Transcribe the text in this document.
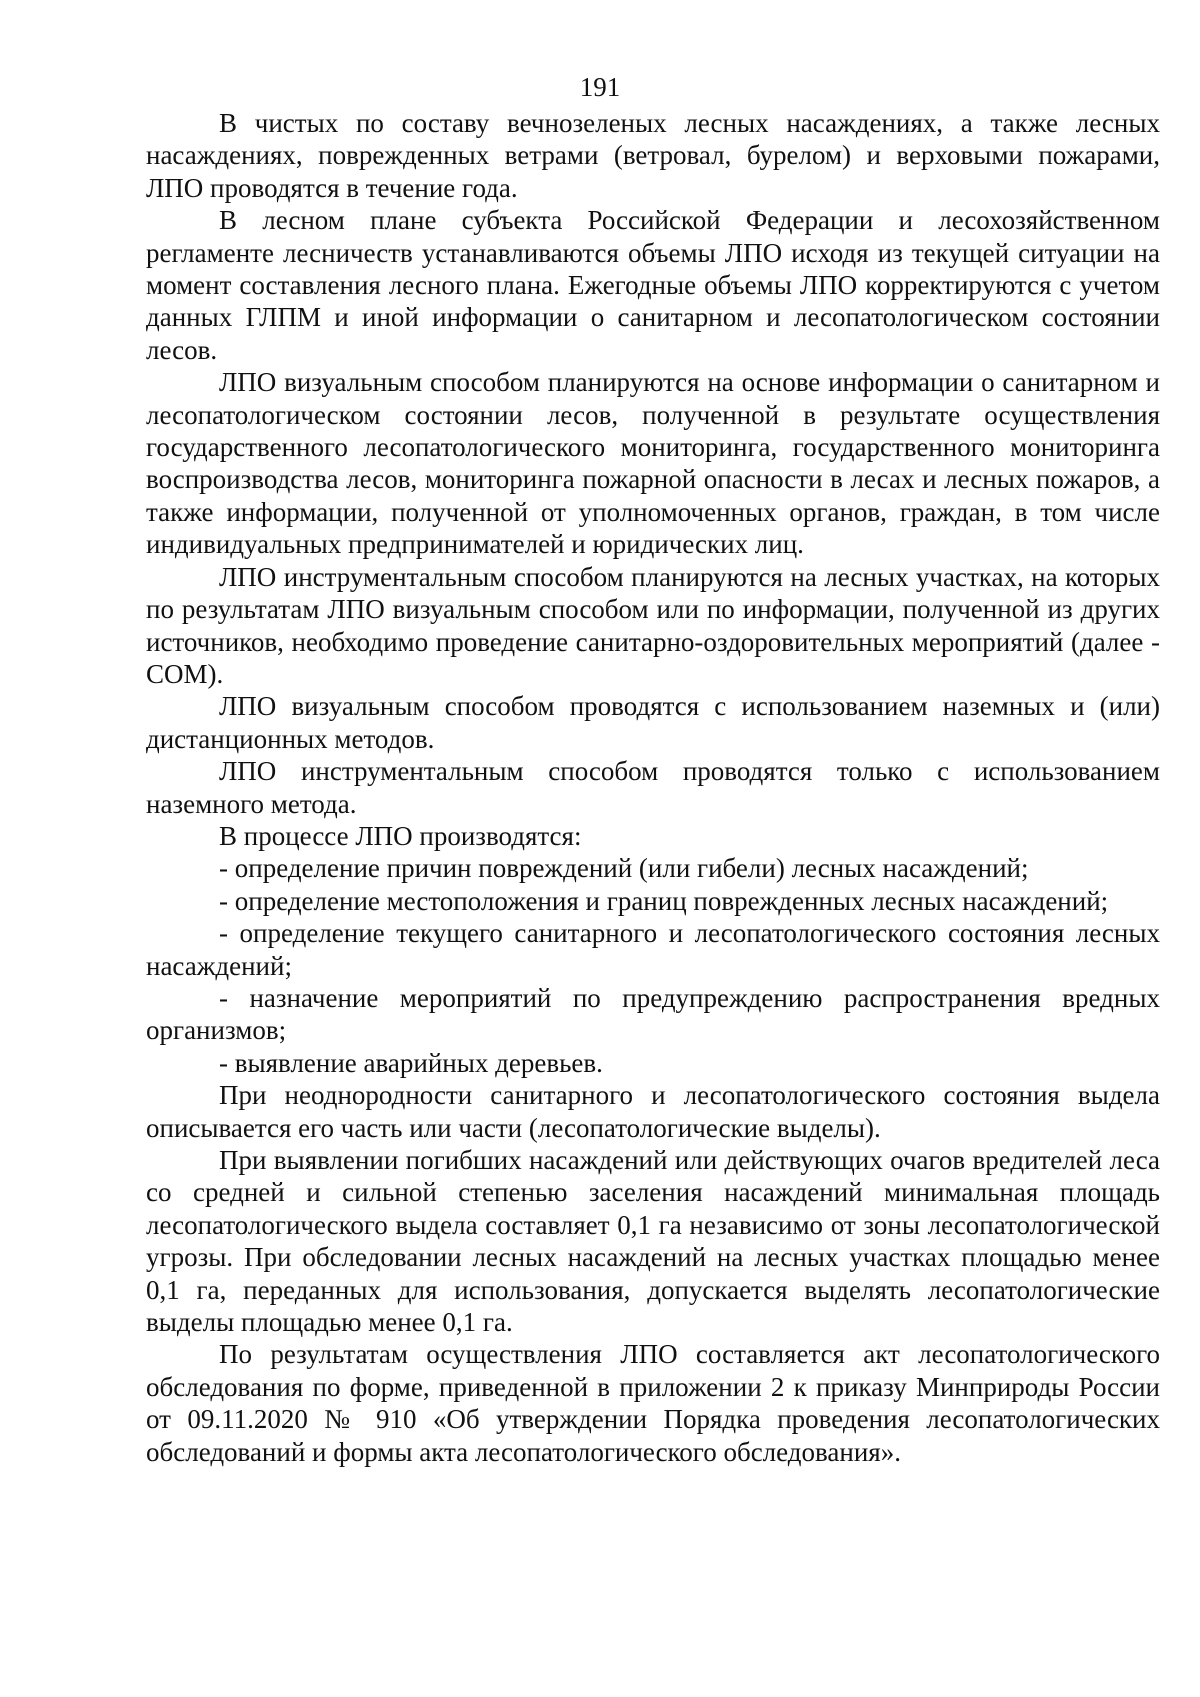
191

В чистых по составу вечнозеленых лесных насаждениях, а также лесных насаждениях, поврежденных ветрами (ветровал, бурелом) и верховыми пожарами, ЛПО проводятся в течение года.

В лесном плане субъекта Российской Федерации и лесохозяйственном регламенте лесничеств устанавливаются объемы ЛПО исходя из текущей ситуации на момент составления лесного плана. Ежегодные объемы ЛПО корректируются с учетом данных ГЛПМ и иной информации о санитарном и лесопатологическом состоянии лесов.

ЛПО визуальным способом планируются на основе информации о санитарном и лесопатологическом состоянии лесов, полученной в результате осуществления государственного лесопатологического мониторинга, государственного мониторинга воспроизводства лесов, мониторинга пожарной опасности в лесах и лесных пожаров, а также информации, полученной от уполномоченных органов, граждан, в том числе индивидуальных предпринимателей и юридических лиц.

ЛПО инструментальным способом планируются на лесных участках, на которых по результатам ЛПО визуальным способом или по информации, полученной из других источников, необходимо проведение санитарно-оздоровительных мероприятий (далее - СОМ).

ЛПО визуальным способом проводятся с использованием наземных и (или) дистанционных методов.

ЛПО инструментальным способом проводятся только с использованием наземного метода.

В процессе ЛПО производятся:

- определение причин повреждений (или гибели) лесных насаждений;

- определение местоположения и границ поврежденных лесных насаждений;

- определение текущего санитарного и лесопатологического состояния лесных насаждений;

- назначение мероприятий по предупреждению распространения вредных организмов;

- выявление аварийных деревьев.

При неоднородности санитарного и лесопатологического состояния выдела описывается его часть или части (лесопатологические выделы).

При выявлении погибших насаждений или действующих очагов вредителей леса со средней и сильной степенью заселения насаждений минимальная площадь лесопатологического выдела составляет 0,1 га независимо от зоны лесопатологической угрозы. При обследовании лесных насаждений на лесных участках площадью менее 0,1 га, переданных для использования, допускается выделять лесопатологические выделы площадью менее 0,1 га.

По результатам осуществления ЛПО составляется акт лесопатологического обследования по форме, приведенной в приложении 2 к приказу Минприроды России от 09.11.2020 № 910 «Об утверждении Порядка проведения лесопатологических обследований и формы акта лесопатологического обследования».
